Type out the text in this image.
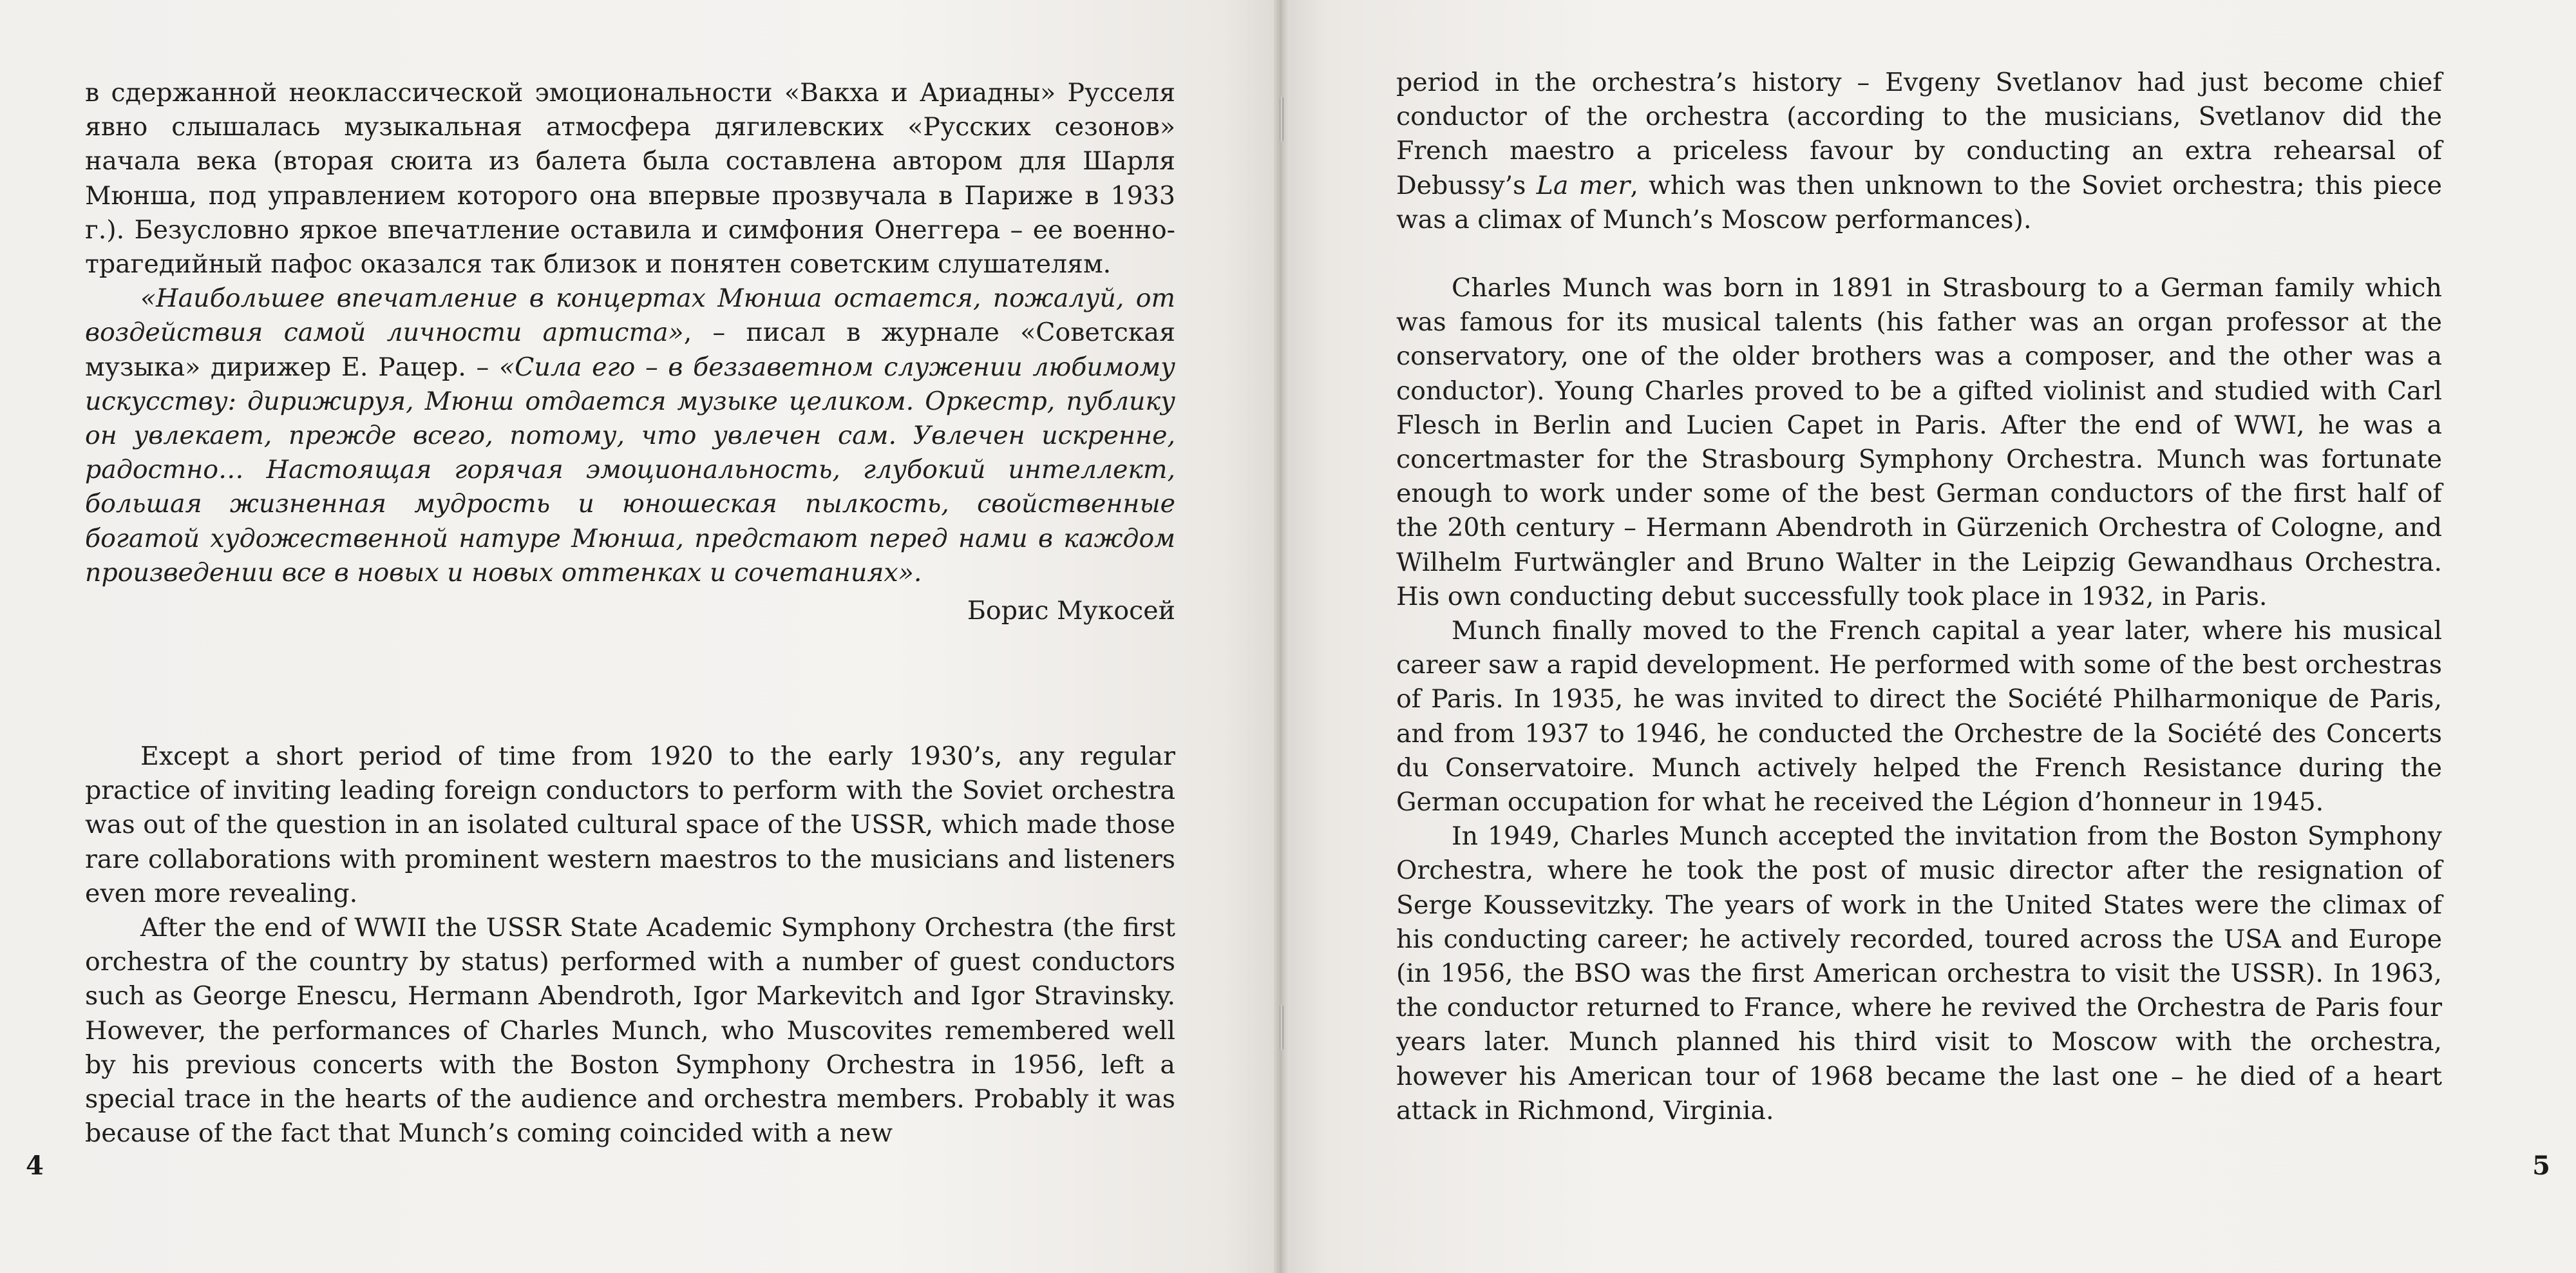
в сдержанной неоклассической эмоциональности «Вакха и Ариадны» Русселя явно слышалась музыкальная атмосфера дягилевских «Русских сезонов» начала века (вторая сюита из балета была составлена автором для Шарля Мюнша, под управлением которого она впервые прозвучала в Париже в 1933 г.). Безусловно яркое впечатление оставила и симфония Онеггера – ее военно-трагедийный пафос оказался так близок и понятен советским слушателям.

«Наибольшее впечатление в концертах Мюнша остается, пожалуй, от воздействия самой личности артиста», – писал в журнале «Советская музыка» дирижер Е. Рацер. – «Сила его – в беззаветном служении любимому искусству: дирижируя, Мюнш отдается музыке целиком. Оркестр, публику он увлекает, прежде всего, потому, что увлечен сам. Увлечен искренне, радостно… Настоящая горячая эмоциональность, глубокий интеллект, большая жизненная мудрость и юношеская пылкость, свойственные богатой художественной натуре Мюнша, предстают перед нами в каждом произведении все в новых и новых оттенках и сочетаниях».

Борис Мукосей

Except a short period of time from 1920 to the early 1930’s, any regular practice of inviting leading foreign conductors to perform with the Soviet orchestra was out of the question in an isolated cultural space of the USSR, which made those rare collaborations with prominent western maestros to the musicians and listeners even more revealing.

After the end of WWII the USSR State Academic Symphony Orchestra (the first orchestra of the country by status) performed with a number of guest conductors such as George Enescu, Hermann Abendroth, Igor Markevitch and Igor Stravinsky. However, the performances of Charles Munch, who Muscovites remembered well by his previous concerts with the Boston Symphony Orchestra in 1956, left a special trace in the hearts of the audience and orchestra members. Probably it was because of the fact that Munch’s coming coincided with a new

4

period in the orchestra’s history – Evgeny Svetlanov had just become chief conductor of the orchestra (according to the musicians, Svetlanov did the French maestro a priceless favour by conducting an extra rehearsal of Debussy’s La mer, which was then unknown to the Soviet orchestra; this piece was a climax of Munch’s Moscow performances).

Charles Munch was born in 1891 in Strasbourg to a German family which was famous for its musical talents (his father was an organ professor at the conservatory, one of the older brothers was a composer, and the other was a conductor). Young Charles proved to be a gifted violinist and studied with Carl Flesch in Berlin and Lucien Capet in Paris. After the end of WWI, he was a concertmaster for the Strasbourg Symphony Orchestra. Munch was fortunate enough to work under some of the best German conductors of the first half of the 20th century – Hermann Abendroth in Gürzenich Orchestra of Cologne, and Wilhelm Furtwängler and Bruno Walter in the Leipzig Gewandhaus Orchestra. His own conducting debut successfully took place in 1932, in Paris.

Munch finally moved to the French capital a year later, where his musical career saw a rapid development. He performed with some of the best orchestras of Paris. In 1935, he was invited to direct the Société Philharmonique de Paris, and from 1937 to 1946, he conducted the Orchestre de la Société des Concerts du Conservatoire. Munch actively helped the French Resistance during the German occupation for what he received the Légion d’honneur in 1945.

In 1949, Charles Munch accepted the invitation from the Boston Symphony Orchestra, where he took the post of music director after the resignation of Serge Koussevitzky. The years of work in the United States were the climax of his conducting career; he actively recorded, toured across the USA and Europe (in 1956, the BSO was the first American orchestra to visit the USSR). In 1963, the conductor returned to France, where he revived the Orchestra de Paris four years later. Munch planned his third visit to Moscow with the orchestra, however his American tour of 1968 became the last one – he died of a heart attack in Richmond, Virginia.

5
